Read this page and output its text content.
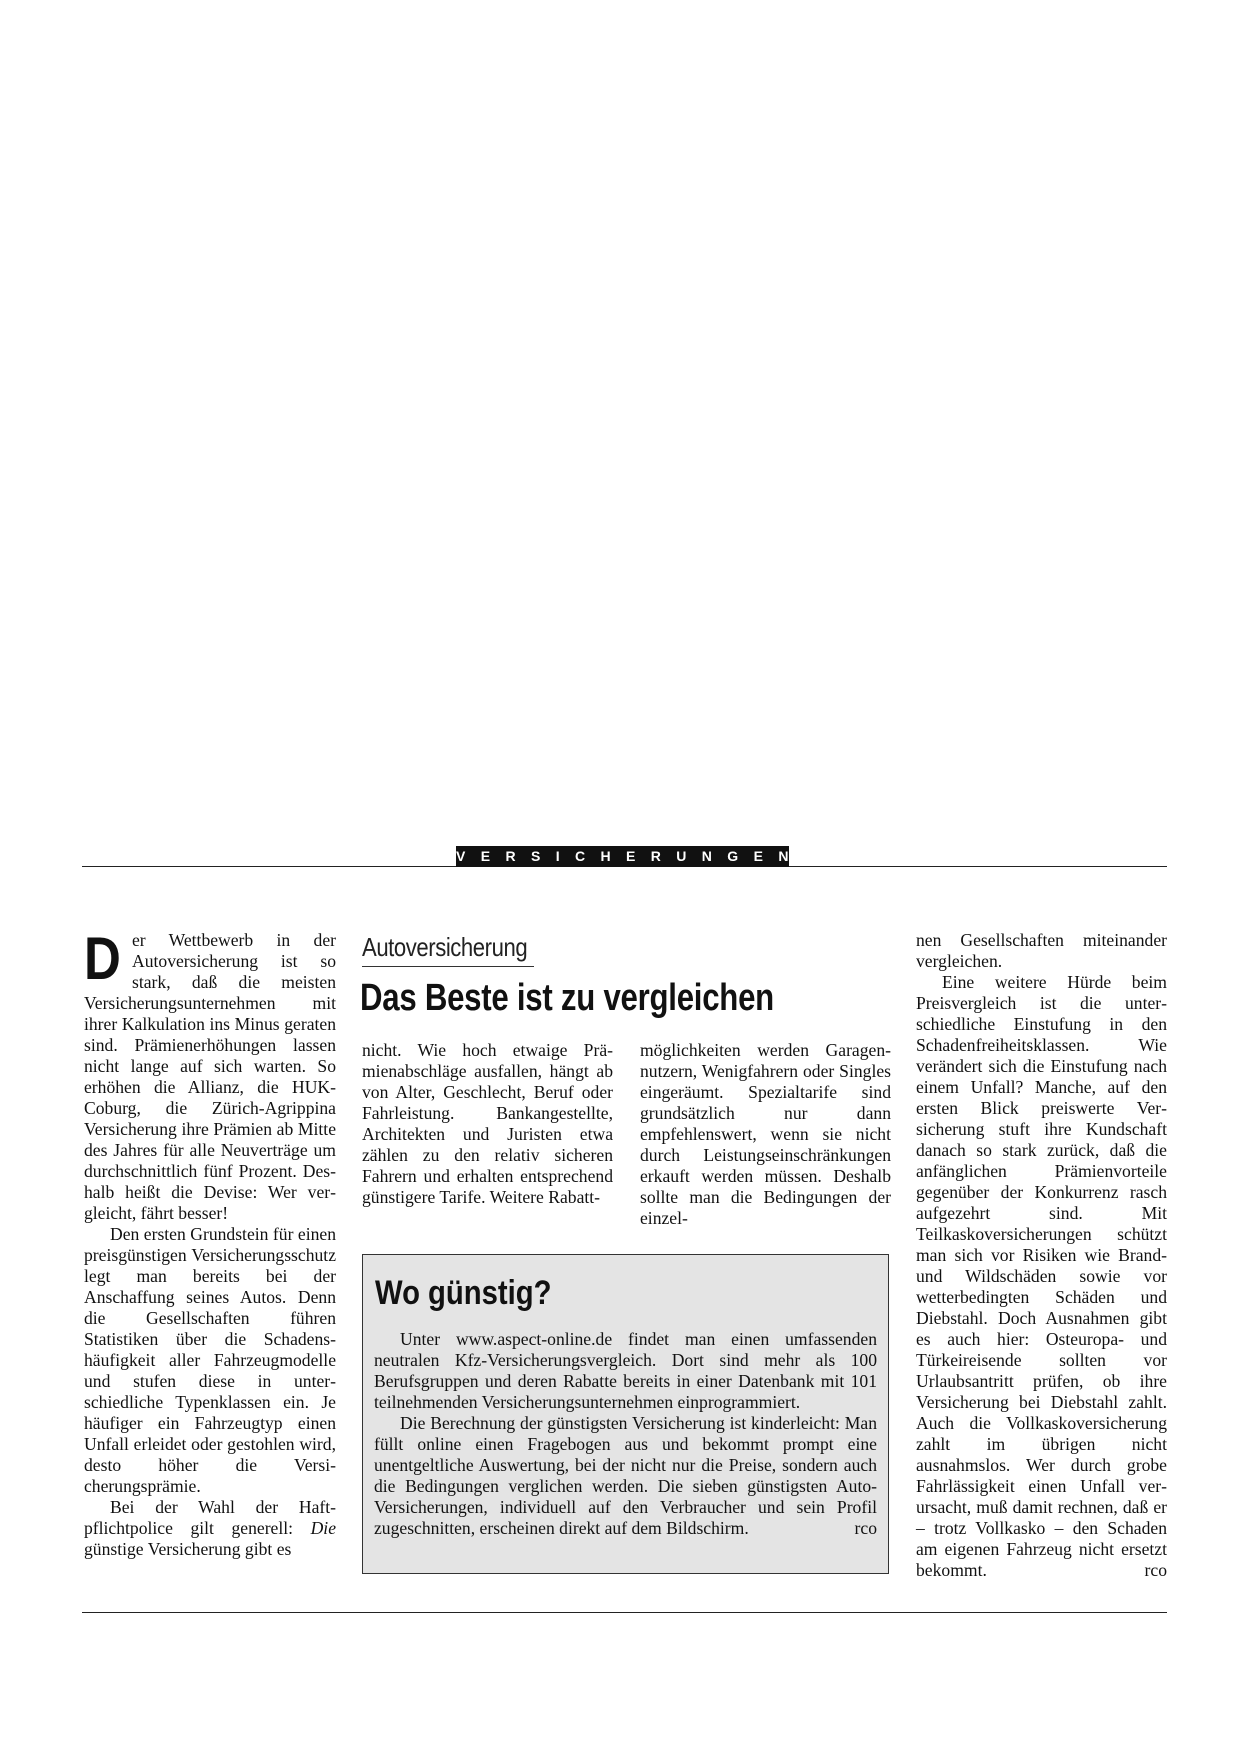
VERSICHERUNGEN
D er Wettbewerb in der Autoversicherung ist so stark, daß die meisten Versicherungsunternehmen mit ihrer Kalkulation ins Minus geraten sind. Prämienerhöhungen lassen nicht lange auf sich warten. So erhöhen die Allianz, die HUK-Coburg, die Zürich-Agrippina Versicherung ihre Prämien ab Mitte des Jahres für alle Neuverträge um durchschnittlich fünf Prozent. Deshalb heißt die Devise: Wer vergleicht, fährt besser!

Den ersten Grundstein für einen preisgünstigen Versicherungsschutz legt man bereits bei der Anschaffung seines Autos. Denn die Gesellschaften führen Statistiken über die Schadenshäufigkeit aller Fahrzeugmodelle und stufen diese in unterschiedliche Typenklassen ein. Je häufiger ein Fahrzeugtyp einen Unfall erleidet oder gestohlen wird, desto höher die Versicherungsprämie.

Bei der Wahl der Haftpflichtpolice gilt generell: Die günstige Versicherung gibt es

Autoversicherung
Das Beste ist zu vergleichen

nicht. Wie hoch etwaige Prämienabschläge ausfallen, hängt ab von Alter, Geschlecht, Beruf oder Fahrleistung. Bankangestellte, Architekten und Juristen etwa zählen zu den relativ sicheren Fahrern und erhalten entsprechend günstigere Tarife. Weitere Rabatt-

möglichkeiten werden Garagennutzern, Wenigfahrern oder Singles eingeräumt. Spezialtarife sind grundsätzlich nur dann empfehlenswert, wenn sie nicht durch Leistungseinschränkungen erkauft werden müssen. Deshalb sollte man die Bedingungen der einzel-

Wo günstig?

Unter www.aspect-online.de findet man einen umfassenden neutralen Kfz-Versicherungsvergleich. Dort sind mehr als 100 Berufsgruppen und deren Rabatte bereits in einer Datenbank mit 101 teilnehmenden Versicherungsunternehmen einprogrammiert.

Die Berechnung der günstigsten Versicherung ist kinderleicht: Man füllt online einen Fragebogen aus und bekommt prompt eine unentgeltliche Auswertung, bei der nicht nur die Preise, sondern auch die Bedingungen verglichen werden. Die sieben günstigsten Auto-Versicherungen, individuell auf den Verbraucher und sein Profil zugeschnitten, erscheinen direkt auf dem Bildschirm.	rco

nen Gesellschaften miteinander vergleichen.

Eine weitere Hürde beim Preisvergleich ist die unterschiedliche Einstufung in den Schadenfreiheitsklassen. Wie verändert sich die Einstufung nach einem Unfall? Manche, auf den ersten Blick preiswerte Versicherung stuft ihre Kundschaft danach so stark zurück, daß die anfänglichen Prämienvorteile gegenüber der Konkurrenz rasch aufgezehrt sind. Mit Teilkaskoversicherungen schützt man sich vor Risiken wie Brand- und Wildschäden sowie vor wetterbedingten Schäden und Diebstahl. Doch Ausnahmen gibt es auch hier: Osteuropa- und Türkeireisende sollten vor Urlaubsantritt prüfen, ob ihre Versicherung bei Diebstahl zahlt. Auch die Vollkaskoversicherung zahlt im übrigen nicht ausnahmslos. Wer durch grobe Fahrlässigkeit einen Unfall verursacht, muß damit rechnen, daß er – trotz Vollkasko – den Schaden am eigenen Fahrzeug nicht ersetzt bekommt.	rco
